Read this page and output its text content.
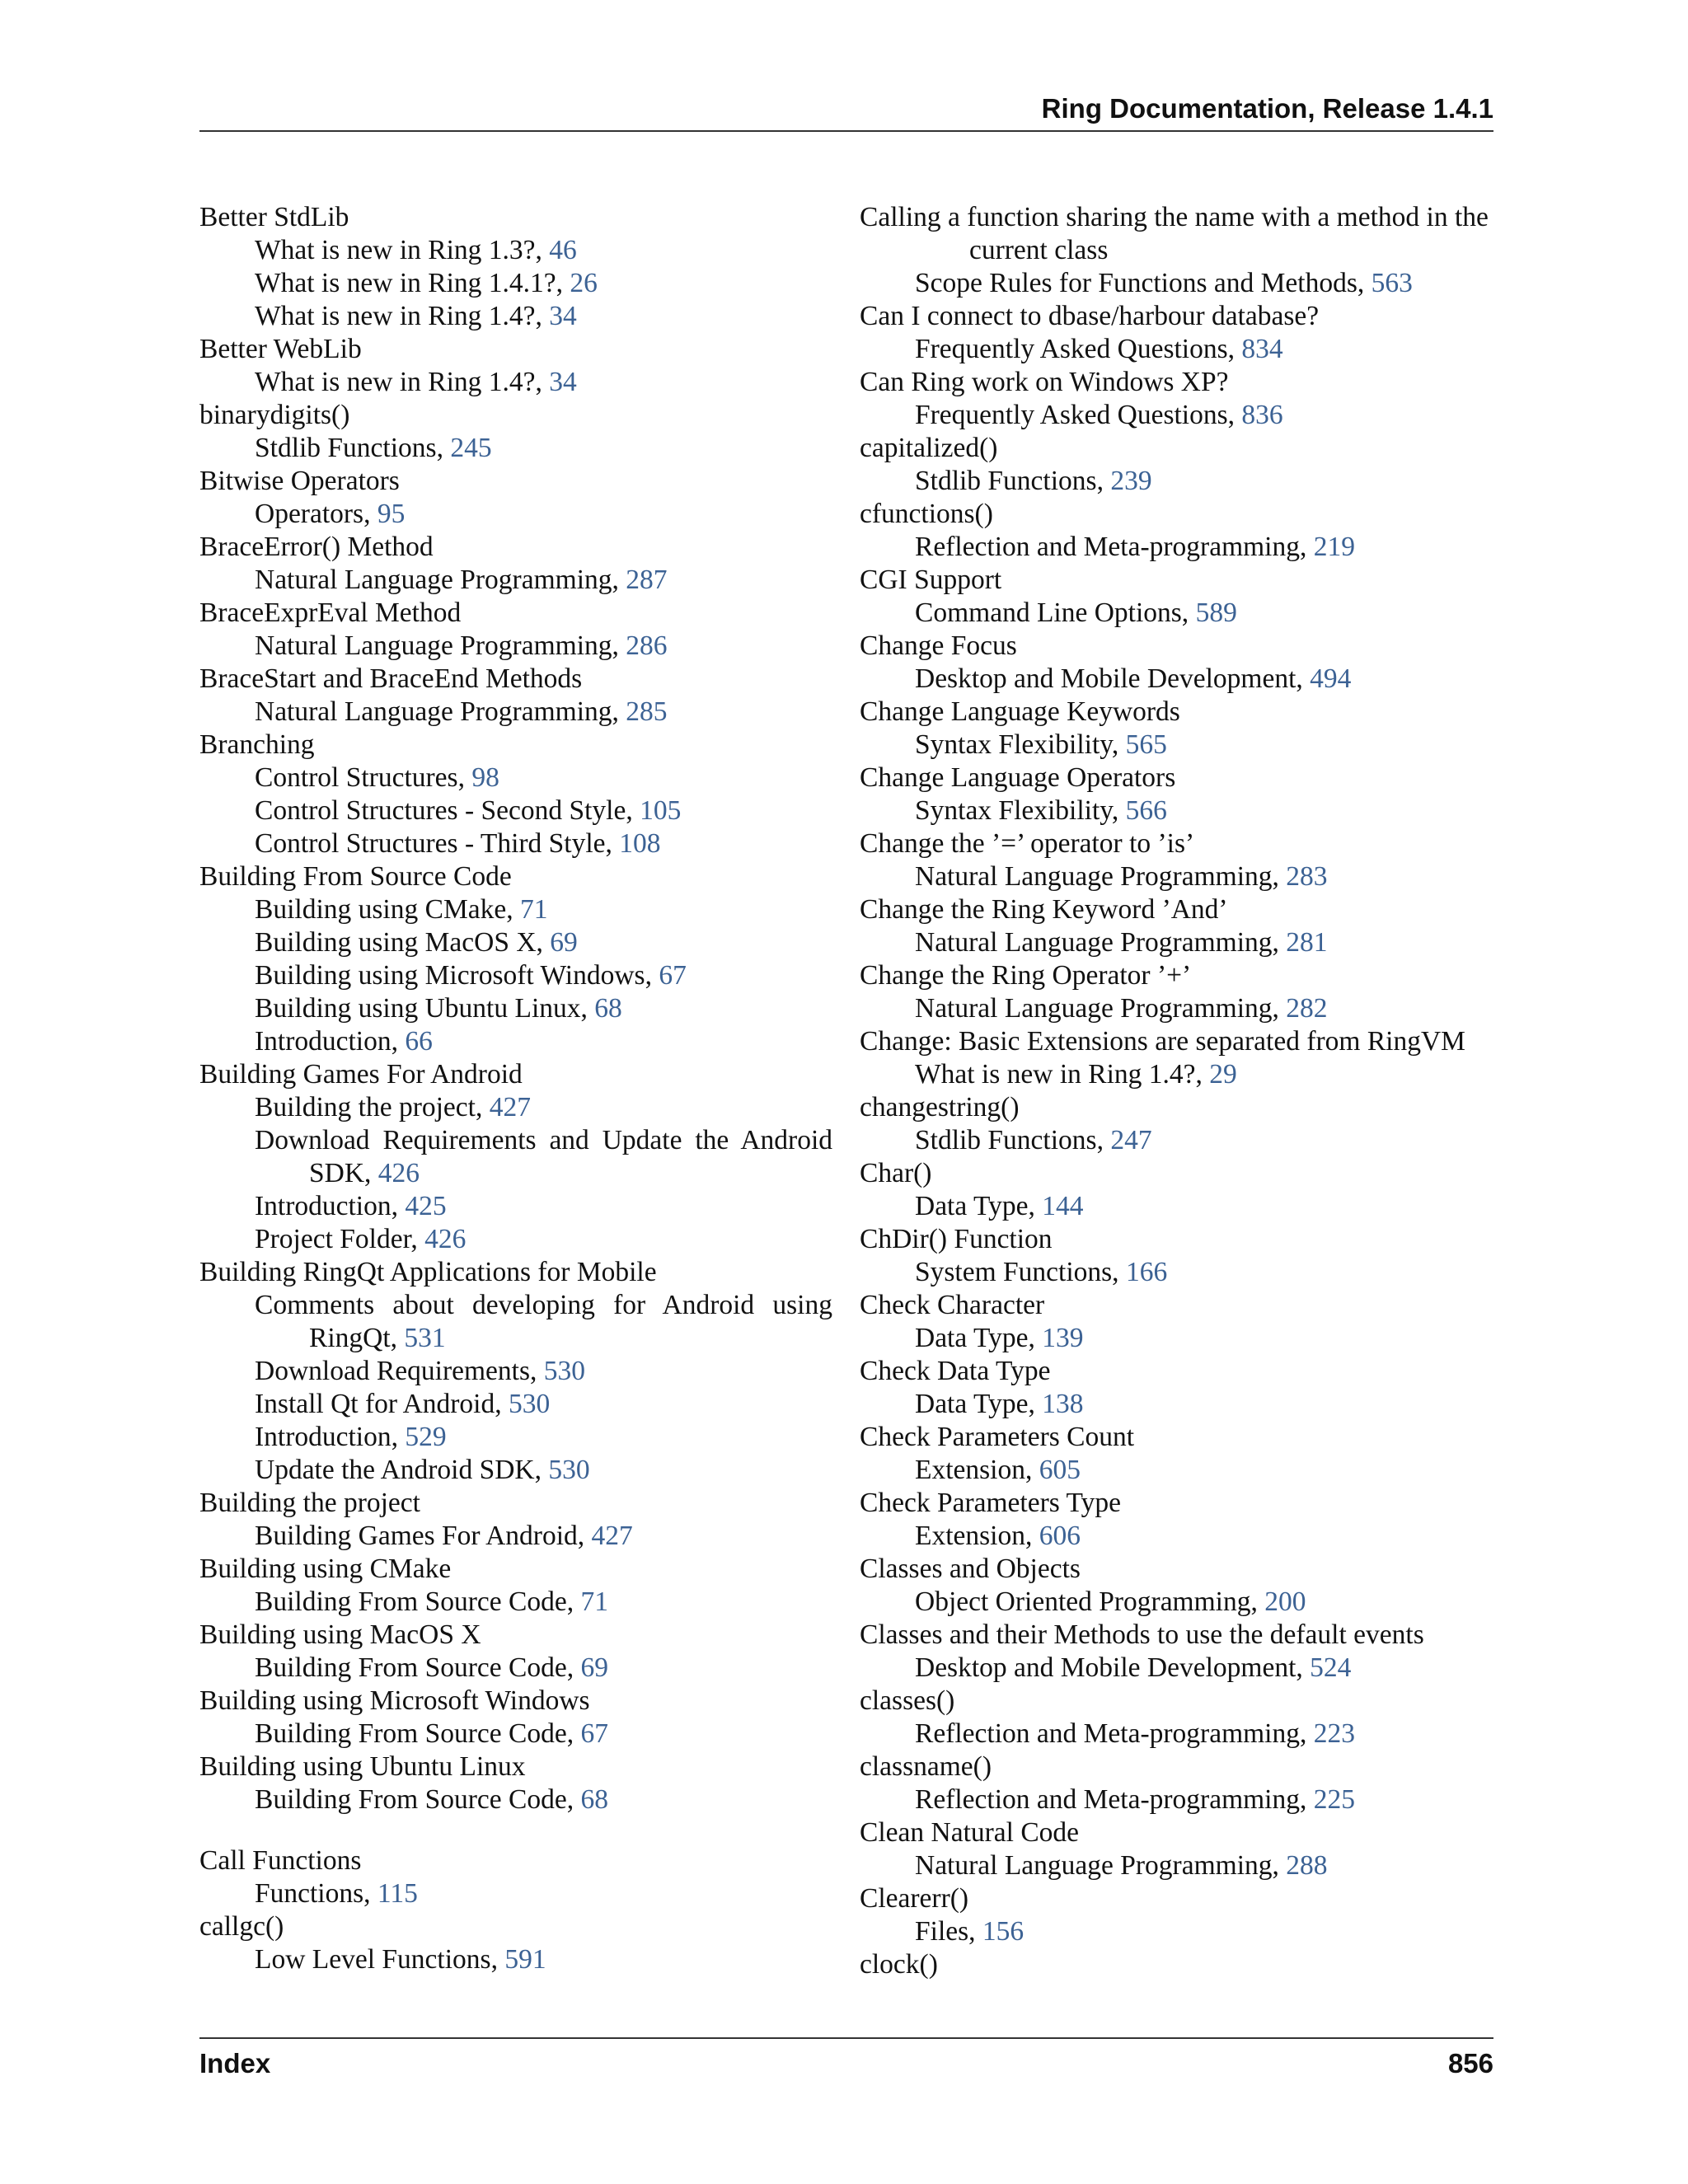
Ring Documentation, Release 1.4.1
Better StdLib
What is new in Ring 1.3?, 46
What is new in Ring 1.4.1?, 26
What is new in Ring 1.4?, 34
Better WebLib
What is new in Ring 1.4?, 34
binarydigits()
Stdlib Functions, 245
Bitwise Operators
Operators, 95
BraceError() Method
Natural Language Programming, 287
BraceExprEval Method
Natural Language Programming, 286
BraceStart and BraceEnd Methods
Natural Language Programming, 285
Branching
Control Structures, 98
Control Structures - Second Style, 105
Control Structures - Third Style, 108
Building From Source Code
Building using CMake, 71
Building using MacOS X, 69
Building using Microsoft Windows, 67
Building using Ubuntu Linux, 68
Introduction, 66
Building Games For Android
Building the project, 427
Download Requirements and Update the Android SDK, 426
Introduction, 425
Project Folder, 426
Building RingQt Applications for Mobile
Comments about developing for Android using RingQt, 531
Download Requirements, 530
Install Qt for Android, 530
Introduction, 529
Update the Android SDK, 530
Building the project
Building Games For Android, 427
Building using CMake
Building From Source Code, 71
Building using MacOS X
Building From Source Code, 69
Building using Microsoft Windows
Building From Source Code, 67
Building using Ubuntu Linux
Building From Source Code, 68
Call Functions
Functions, 115
callgc()
Low Level Functions, 591
Calling a function sharing the name with a method in the current class
Scope Rules for Functions and Methods, 563
Can I connect to dbase/harbour database?
Frequently Asked Questions, 834
Can Ring work on Windows XP?
Frequently Asked Questions, 836
capitalized()
Stdlib Functions, 239
cfunctions()
Reflection and Meta-programming, 219
CGI Support
Command Line Options, 589
Change Focus
Desktop and Mobile Development, 494
Change Language Keywords
Syntax Flexibility, 565
Change Language Operators
Syntax Flexibility, 566
Change the ’=’ operator to ’is’
Natural Language Programming, 283
Change the Ring Keyword ’And’
Natural Language Programming, 281
Change the Ring Operator ’+’
Natural Language Programming, 282
Change: Basic Extensions are separated from RingVM
What is new in Ring 1.4?, 29
changestring()
Stdlib Functions, 247
Char()
Data Type, 144
ChDir() Function
System Functions, 166
Check Character
Data Type, 139
Check Data Type
Data Type, 138
Check Parameters Count
Extension, 605
Check Parameters Type
Extension, 606
Classes and Objects
Object Oriented Programming, 200
Classes and their Methods to use the default events
Desktop and Mobile Development, 524
classes()
Reflection and Meta-programming, 223
classname()
Reflection and Meta-programming, 225
Clean Natural Code
Natural Language Programming, 288
Clearerr()
Files, 156
clock()
Index	856
